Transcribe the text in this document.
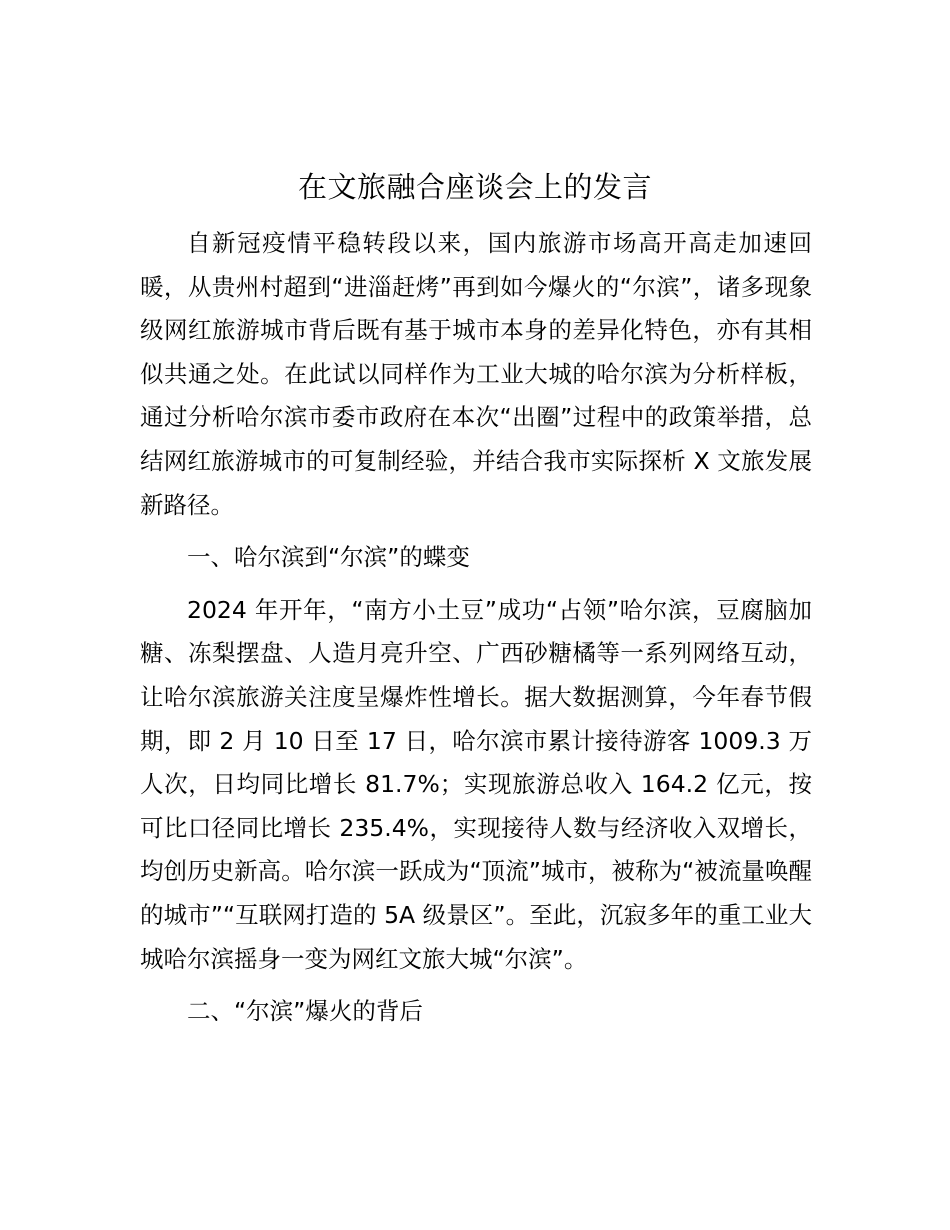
在文旅融合座谈会上的发言

自新冠疫情平稳转段以来，国内旅游市场高开高走加速回暖，从贵州村超到“进淄赶烤”再到如今爆火的“尔滨”，诸多现象级网红旅游城市背后既有基于城市本身的差异化特色，亦有其相似共通之处。在此试以同样作为工业大城的哈尔滨为分析样板，通过分析哈尔滨市委市政府在本次“出圈”过程中的政策举措，总结网红旅游城市的可复制经验，并结合我市实际探析 X 文旅发展新路径。

一、哈尔滨到“尔滨”的蝶变

2024 年开年，“南方小土豆”成功“占领”哈尔滨，豆腐脑加糖、冻梨摆盘、人造月亮升空、广西砂糖橘等一系列网络互动，让哈尔滨旅游关注度呈爆炸性增长。据大数据测算，今年春节假期，即 2 月 10 日至 17 日，哈尔滨市累计接待游客 1009.3 万人次，日均同比增长 81.7%；实现旅游总收入 164.2 亿元，按可比口径同比增长 235.4%，实现接待人数与经济收入双增长，均创历史新高。哈尔滨一跃成为“顶流”城市，被称为“被流量唤醒的城市”“互联网打造的 5A 级景区”。至此，沉寂多年的重工业大城哈尔滨摇身一变为网红文旅大城“尔滨”。

二、“尔滨”爆火的背后
